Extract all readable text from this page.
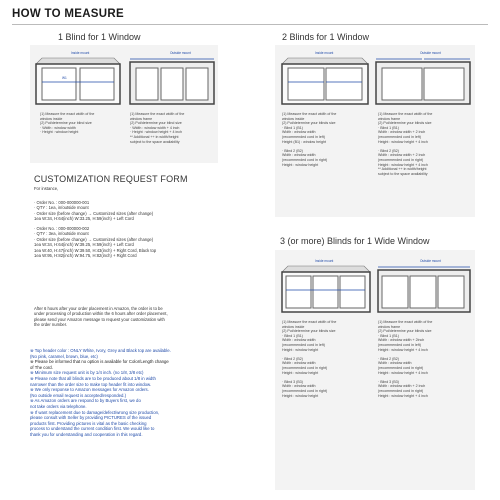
HOW TO MEASURE
1 Blind for 1 Window
Inside mount
W1
Outside mount
(1) Measure the exact width of the
window inside
(2) Put/determine your blind size
· Width : window width
· Height : window height
(1) Measure the exact width of the
window frame
(2) Put/determine your blind size
· Width : window width + 4 inch
· Height : window height + 4 inch
** Additional ++ in width/height
subject to the space availability
2 Blinds for 1 Window
Inside mount	Outside mount
(1) Measure the exact width of the
window inside
(2) Put/determine your blinds size
· Blind 1 (B1)
Width : window width
(recommended cord in left)
Height (B1) : window height

· Blind 2 (B2)
Width : window width
(recommended cord in right)
Height : window height
(1) Measure the exact width of the
window frame
(2) Put/determine your blinds size
· Blind 1 (B1)
Width : window width + 2 inch
(recommended cord in left)
Height : window height + 4 inch

· Blind 2 (B2)
Width : window width + 2 inch
(recommended cord in right)
Height : window height + 4 inch
** Additional ++ in width/height
subject to the space availability
3 (or more) Blinds for 1 Wide Window
Inside mount	Outside mount
(1) Measure the exact width of the
window inside
(2) Put/determine your blinds size
· Blind 1 (B1)
Width : window width
(recommended cord in left)
Height : window height

· Blind 2 (B2)
Width : window width
(recommended cord in right)
Height : window height

· Blind 3 (B3)
Width : window width
(recommended cord in right)
Height : window height
(1) Measure the exact width of the
window frame
(2) Put/determine your blinds size
· Blind 1 (B1)
Width : window width + 2inch
(recommended cord in left)
Height : window height + 4 inch

· Blind 2 (B2)
Width : window width
(recommended cord in right)
Height : window height + 4 inch

· Blind 3 (B3)
Width : window width + 2 inch
(recommended cord in right)
Height : window height + 4 inch
CUSTOMIZATION REQUEST FORM
For instance,
· Order No. : 000-000000-001
· QTY : 1ea, in/outside mount
· Order size (before change) → Customized sizes (after change)
1ea W:34, H:64(inch) W:33.25, H:59(inch) + Left Cord
· Order No. : 000-000000-002
· QTY : 3ea, in/outside mount
· Order size (before change) → Customized sizes (after change)
1ea W:34, H:64(inch) W:39.25, H:59(inch) + Left Cord
1ea W:40, H:47(inch) W:39.50, H:43(inch) + Right Cord, Black top
1ea W:95, H:82(inch) W:94.75, H:82(inch) + Right Cord
After 6 hours after your order placement in Amazon, the order is to be
under processing of production within the 6 hours after order placement,
please send your Amazon message to request your customization with
the order number.
※ Top header color : ONLY White, Ivory, Grey and Black top are available.
(No pink, caramel, brown, blue, etc)
※ Please be informed that no option is available for Color/Length change
of The cord.
※ Minimum size request unit is by 1/4 inch. (no 1/8, 3/8 etc)
※ Please note that all blinds are to be produced about 1/8 in width
narrower than the order size to make top header fit into window.
※ We only response to Amazon messages for Amazon orders.
(No outside email request is accepted/responded.)
※ As Amazon orders are respond to by Buyers first, we do
not take orders via telephone.
※ If want replacement due to damage/defect/wrong size production,
please consult with Seller by providing PICTURES of the issued
products first. Providing pictures is vital as the basic checking
process to understand the current condition first. We would like to
thank you for understanding and cooperation in this regard.
